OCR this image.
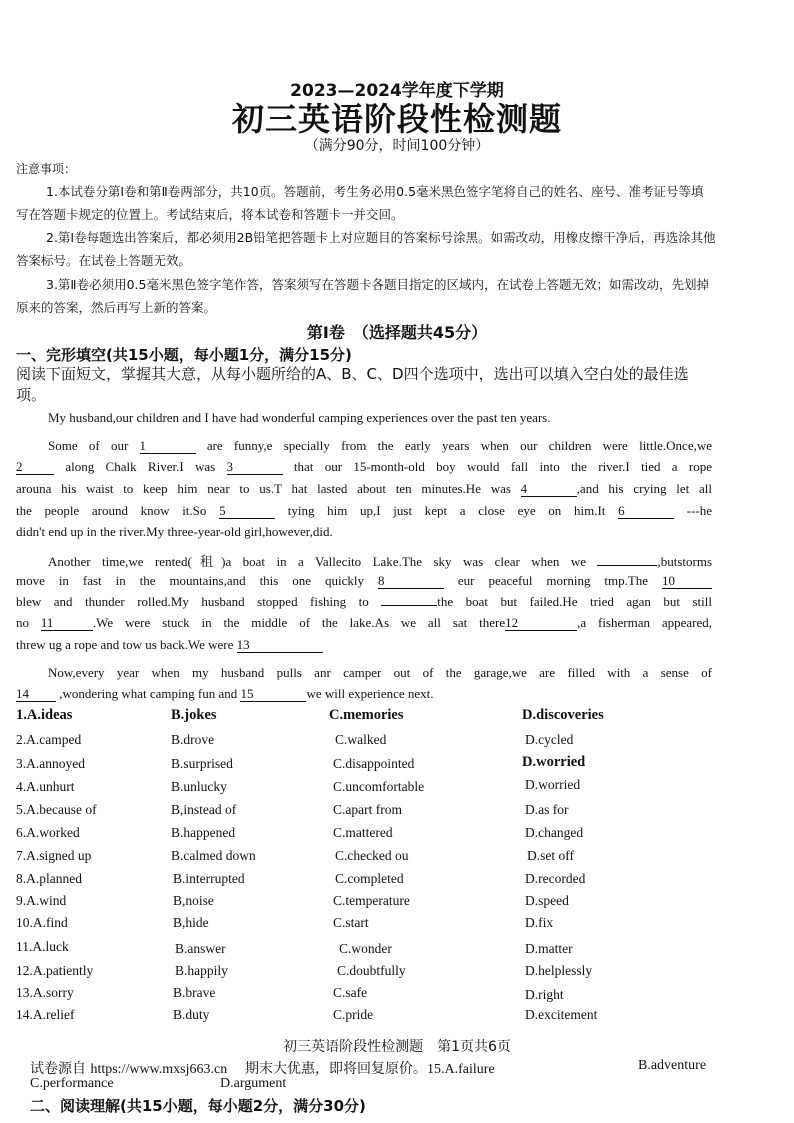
2023—2024学年度下学期
初三英语阶段性检测题
（满分90分，时间100分钟）
注意事项：
1.本试卷分第Ⅰ卷和第Ⅱ卷两部分，共10页。答题前，考生务必用0.5毫米黑色签字笔将自己的姓名、座号、准考证号等填写在答题卡规定的位置上。考试结束后，将本试卷和答题卡一并交回。
2.第Ⅰ卷每题选出答案后，都必须用2B铅笔把答题卡上对应题目的答案标号涂黑。如需改动，用橡皮擦干净后，再选涂其他答案标号。在试卷上答题无效。
3.第Ⅱ卷必须用0.5毫米黑色签字笔作答，答案须写在答题卡各题目指定的区域内，在试卷上答题无效；如需改动，先划掉原来的答案，然后再写上新的答案。
第Ⅰ卷　（选择题共45分）
一、完形填空(共15小题，每小题1分，满分15分)
阅读下面短文，掌握其大意，从每小题所给的A、B、C、D四个选项中，选出可以填入空白处的最佳选项。
My husband,our children and I have had wonderful camping experiences over the past ten years.
Some of our 1	are funny,e specially from the early years when our children were little.Once,we
2	along Chalk River.I was 3	that our 15-month-old boy would fall into the river.I tied a rope
arouna his waist to keep him near to us.T hat lasted about ten minutes.He was 4	,and his crying let all
the people around know it.So 5	tying him up,I just kept a close eye on him.It 6	---he
didn't end up in the river.My three-year-old girl,however,did.
Another time,we rented(租)a boat in a Vallecito Lake.The sky was clear when we	,butstorms
move in fast in the mountains,and this one quickly 8	eur peaceful morning tmp.The 10
blew and thunder rolled.My husband stopped fishing to	the boat but failed.He tried agan but still
no 11	.We were stuck in the middle of the lake.As we all sat there12	,a fisherman appeared,
threw ug a rope and tow us back.We were 13
Now,every year when my husband pulls anr camper out of the garage,we are filled with a sense of
14 ,wondering what camping fun and 15	we will experience next.
1.A.ideas	B.jokes	C.memories	D.discoveries
2.A.camped	B.drove	C.walked	D.cycled
3.A.annoyed	B.surprised	C.disappointed	D.worried
4.A.unhurt	B.unlucky	C.uncomfortable	D.worried
5.A.because of	B,instead of	C.apart from	D.as for
6.A.worked	B.happened	C.mattered	D.changed
7.A.signed up	B.calmed down	C.checked ou	D.set off
8.A.planned	B.interrupted	C.completed	D.recorded
9.A.wind	B,noise	C.temperature	D.speed
10.A.find	B,hide	C.start	D.fix
11.A.luck	B.answer	C.wonder	D.matter
12.A.patiently	B.happily	C.doubtfully	D.helplessly
13.A.sorry	B.brave	C.safe	D.right
14.A.relief	B.duty	C.pride	D.excitement
初三英语阶段性检测题　第1页共6页
试卷源自 https://www.mxsj663.cn 期末大优惠，即将回复原价。15.A.failure	B.adventure
C.performance	D.argument
二、阅读理解(共15小题，每小题2分，满分30分)
